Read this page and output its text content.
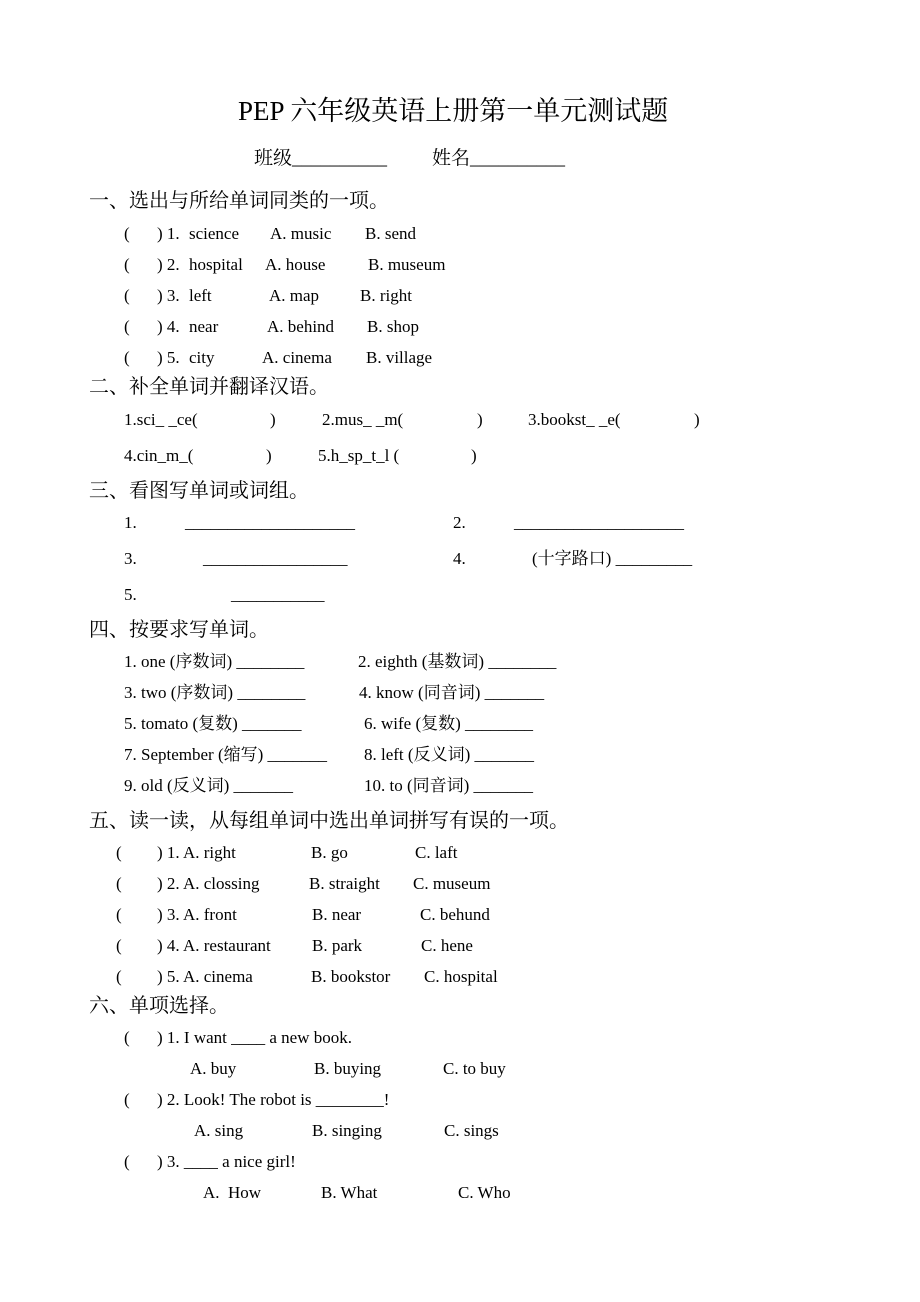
PEP 六年级英语上册第一单元测试题
班级__________ 姓名__________
一、选出与所给单词同类的一项。
( ) 1. science A. music B. send
( ) 2. hospital A. house	B. museum
( ) 3. left	A. map B. right
( ) 4. near	A. behind B. shop
( ) 5. city	A. cinema B. village
二、补全单词并翻译汉语。
1.sci_ _ce(	)	2.mus_ _m(	)	3.bookst_ _e(	)
4.cin_m_(	)	5.h_sp_t_l (	)
三、看图写单词或词组。
1.	____________________	2.	____________________
3.	_________________	4.	(十字路口) _________
5.	___________
四、按要求写单词。
1. one (序数词) ________	2. eighth (基数词) ________
3. two (序数词) ________	4. know (同音词) _______
5. tomato (复数) _______	6. wife (复数) ________
7. September (缩写) _______ 8. left (反义词) _______
9. old (反义词) _______	10. to (同音词) _______
五、读一读，从每组单词中选出单词拼写有误的一项。
( ) 1. A. right	B. go	C. laft
( ) 2. A. clossing	B. straight C. museum
( ) 3. A. front	B. near	C. behund
( ) 4. A. restaurant B. park	C. hene
( ) 5. A. cinema	B. bookstor C. hospital
六、单项选择。
( ) 1. I want ____ a new book.
A. buy	B. buying	C. to buy
( ) 2. Look! The robot is ________!
A. sing	B. singing	C. sings
( ) 3. ____ a nice girl!
A.  How	B. What	C. Who
